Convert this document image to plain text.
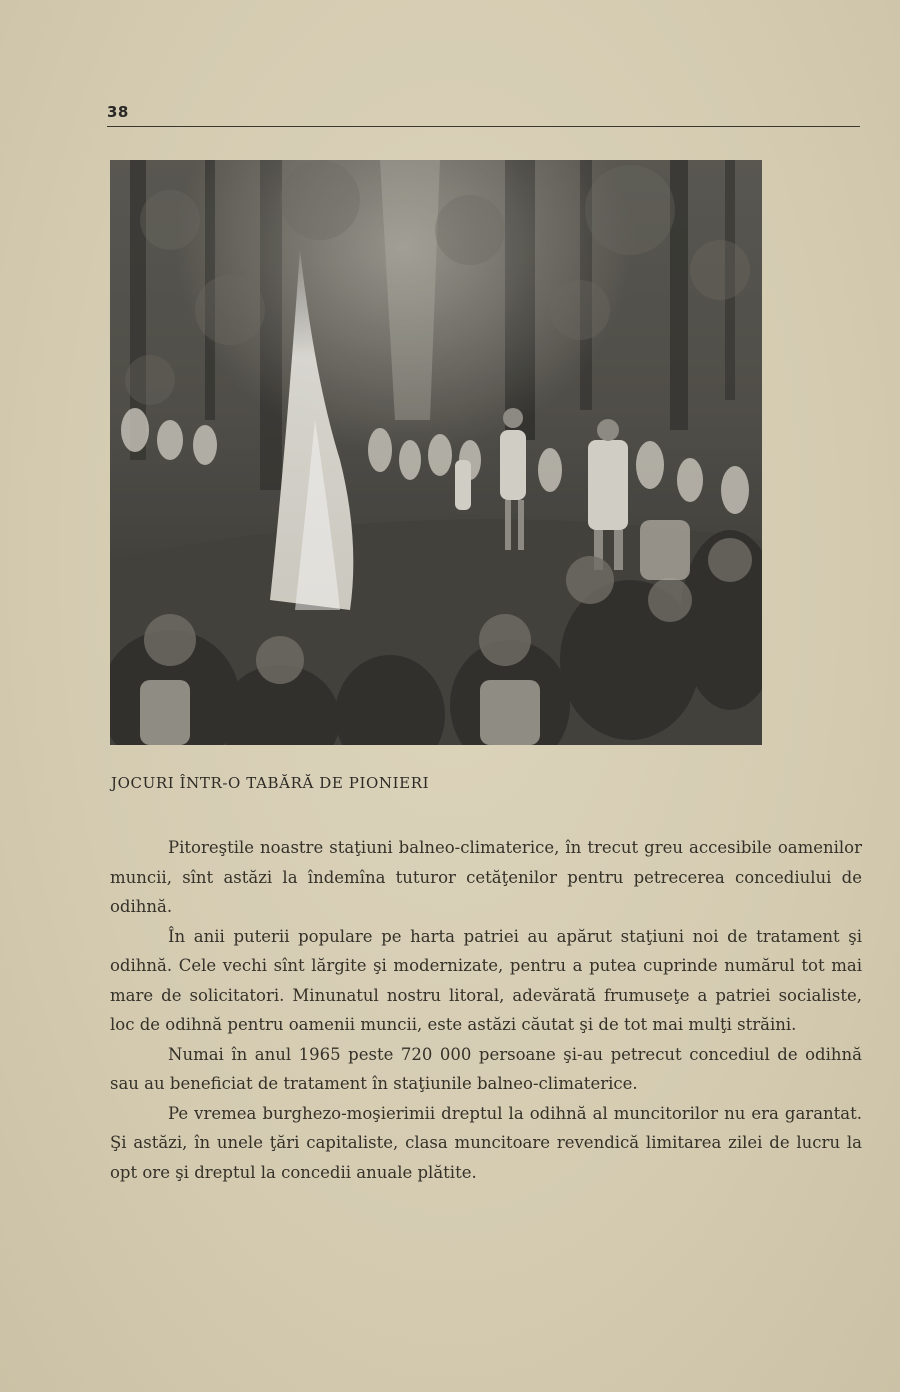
38
JOCURI ÎNTR-O TABĂRĂ DE PIONIERI

Pitoreştile noastre staţiuni balneo-climaterice, în trecut greu accesibile oamenilor muncii, sînt astăzi la îndemîna tuturor cetăţenilor pentru petrecerea concediului de odihnă.

În anii puterii populare pe harta patriei au apărut staţiuni noi de tratament şi odihnă. Cele vechi sînt lărgite şi modernizate, pentru a putea cuprinde numărul tot mai mare de solicitatori. Minunatul nostru litoral, adevărată frumuseţe a patriei socialiste, loc de odihnă pentru oamenii muncii, este astăzi căutat şi de tot mai mulţi străini.

Numai în anul 1965 peste 720 000 persoane şi-au petrecut concediul de odihnă sau au beneficiat de tratament în staţiunile balneo-climaterice.

Pe vremea burghezo-moşierimii dreptul la odihnă al muncitorilor nu era garantat. Şi astăzi, în unele ţări capitaliste, clasa muncitoare revendică limitarea zilei de lucru la opt ore şi dreptul la concedii anuale plătite.
